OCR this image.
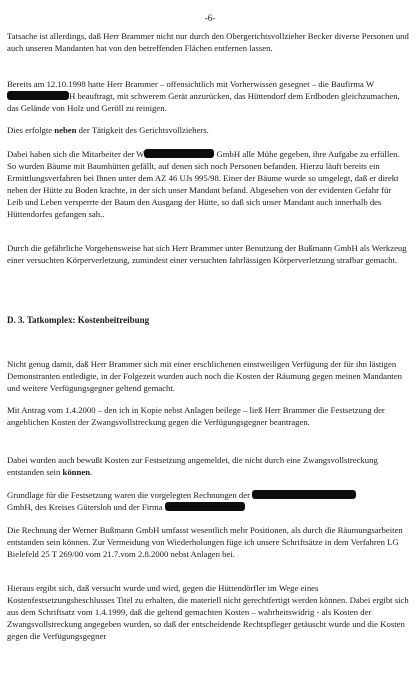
-6-

Tatsache ist allerdings, daß Herr Brammer nicht nur durch den Obergerichtsvollzieher Becker diverse Personen und auch unseren Mandanten hat von den betreffenden Flächen entfernen lassen.

Bereits am 12.10.1998 hatte Herr Brammer – offensichtlich mit Vorherwissen gesegnet – die Baufirma WH beauftragt, mit schwerem Gerät anzurücken, das Hüttendorf dem Erdboden gleichzumachen, das Gelände von Holz und Geröll zu reinigen.

Dies erfolgte neben der Tätigkeit des Gerichtsvollziehers.

Dabei haben sich die Mitarbeiter der W	GmbH alle Mühe gegeben, ihre Aufgabe zu erfüllen. So wurden Bäume mit Baumhütten gefällt, auf denen sich noch Personen befanden. Hierzu läuft bereits ein Ermittlungsverfahren bei Ihnen unter dem AZ 46 UJs 995/98. Einer der Bäume wurde so umgelegt, daß er direkt neben der Hütte zu Boden krachte, in der sich unser Mandant befand. Abgesehen von der evidenten Gefahr für Leib und Leben versperrte der Baum den Ausgang der Hütte, so daß sich unser Mandant auch innerhalb des Hüttendorfes gefangen sah..

Durch die gefährliche Vorgehensweise hat sich Herr Brammer unter Benutzung der Bußmann GmbH als Werkzeug einer versuchten Körperverletzung, zumindest einer versuchten fahrlässigen Körperverletzung strafbar gemacht.

D. 3. Tatkomplex: Kostenbeitreibung

Nicht genug damit, daß Herr Brammer sich mit einer erschlichenen einstweiligen Verfügung der für ihn lästigen Demonstranten entledigte, in der Folgezeit wurden auch noch die Kosten der Räumung gegen meinen Mandanten und weitere Verfügungsgegner geltend gemacht.

Mit Antrag vom 1.4.2000 – den ich in Kopie nebst Anlagen beilege – ließ Herr Brammer die Festsetzung der angeblichen Kosten der Zwangsvollstreckung gegen die Verfügungsgegner beantragen.

Dabei wurden auch bewußt Kosten zur Festsetzung angemeldet, die nicht durch eine Zwangsvollstreckung entstanden sein können.

Grundlage für die Festsetzung waren die vorgelegten Rechnungen der
GmbH, des Kreises Gütersloh und der Firma

Die Rechnung der Werner Bußmann GmbH umfasst wesentlich mehr Positionen, als durch die Räumungsarbeiten entstanden sein können. Zur Vermeidung von Wiederholungen füge ich unsere Schriftsätze in dem Verfahren LG Bielefeld 25 T 269/00 vom 21.7.vom 2.8.2000 nebst Anlagen bei.

Hieraus ergibt sich, daß versucht wurde und wird, gegen die Hüttendörfler im Wege eines Kostenfestsetzungsbeschlusses Titel zu erhalten, die materiell nicht gerechtfertigt werden können. Dabei ergibt sich aus dem Schriftsatz vom 1.4.1999, daß die geltend gemachten Kosten – wahrheitswidrig - als Kosten der Zwangsvollstreckung angegeben wurden, so daß der entscheidende Rechtspfleger getäuscht wurde und die Kosten gegen die Verfügungsgegner
